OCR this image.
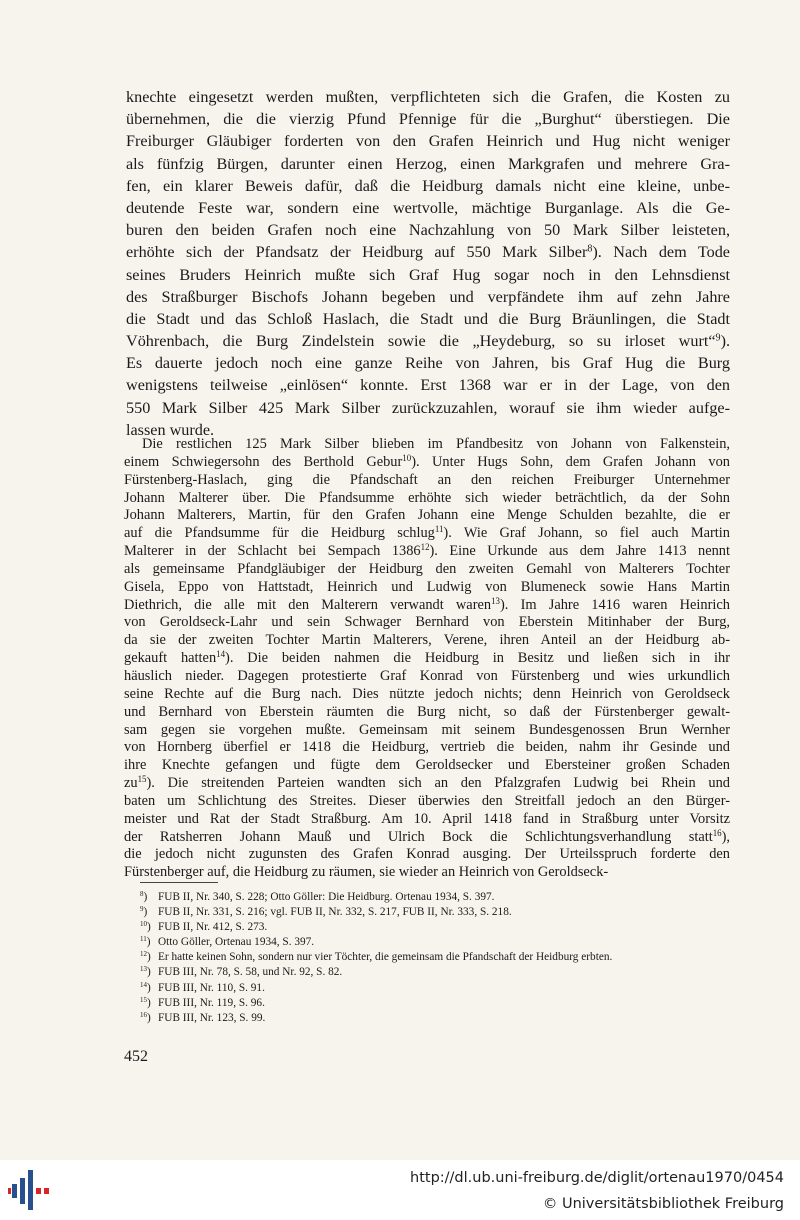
knechte eingesetzt werden mußten, verpflichteten sich die Grafen, die Kosten zu
übernehmen, die die vierzig Pfund Pfennige für die „Burghut“ überstiegen. Die
Freiburger Gläubiger forderten von den Grafen Heinrich und Hug nicht weniger
als fünfzig Bürgen, darunter einen Herzog, einen Markgrafen und mehrere Gra-
fen, ein klarer Beweis dafür, daß die Heidburg damals nicht eine kleine, unbe-
deutende Feste war, sondern eine wertvolle, mächtige Burganlage. Als die Ge-
buren den beiden Grafen noch eine Nachzahlung von 50 Mark Silber leisteten,
erhöhte sich der Pfandsatz der Heidburg auf 550 Mark Silber$^8$). Nach dem Tode
seines Bruders Heinrich mußte sich Graf Hug sogar noch in den Lehnsdienst
des Straßburger Bischofs Johann begeben und verpfändete ihm auf zehn Jahre
die Stadt und das Schloß Haslach, die Stadt und die Burg Bräunlingen, die Stadt
Vöhrenbach, die Burg Zindelstein sowie die „Heydeburg, so su irloset wurt“$^9$).
Es dauerte jedoch noch eine ganze Reihe von Jahren, bis Graf Hug die Burg
wenigstens teilweise „einlösen“ konnte. Erst 1368 war er in der Lage, von den
550 Mark Silber 425 Mark Silber zurückzuzahlen, worauf sie ihm wieder aufge-
lassen wurde.
Die restlichen 125 Mark Silber blieben im Pfandbesitz von Johann von Falkenstein,
einem Schwiegersohn des Berthold Gebur$^{10}$). Unter Hugs Sohn, dem Grafen Johann von
Fürstenberg-Haslach, ging die Pfandschaft an den reichen Freiburger Unternehmer
Johann Malterer über. Die Pfandsumme erhöhte sich wieder beträchtlich, da der Sohn
Johann Malterers, Martin, für den Grafen Johann eine Menge Schulden bezahlte, die er
auf die Pfandsumme für die Heidburg schlug$^{11}$). Wie Graf Johann, so fiel auch Martin
Malterer in der Schlacht bei Sempach 1386$^{12}$). Eine Urkunde aus dem Jahre 1413 nennt
als gemeinsame Pfandgläubiger der Heidburg den zweiten Gemahl von Malterers Tochter
Gisela, Eppo von Hattstadt, Heinrich und Ludwig von Blumeneck sowie Hans Martin
Diethrich, die alle mit den Malterern verwandt waren$^{13}$). Im Jahre 1416 waren Heinrich
von Geroldseck-Lahr und sein Schwager Bernhard von Eberstein Mitinhaber der Burg,
da sie der zweiten Tochter Martin Malterers, Verene, ihren Anteil an der Heidburg ab-
gekauft hatten$^{14}$). Die beiden nahmen die Heidburg in Besitz und ließen sich in ihr
häuslich nieder. Dagegen protestierte Graf Konrad von Fürstenberg und wies urkundlich
seine Rechte auf die Burg nach. Dies nützte jedoch nichts; denn Heinrich von Geroldseck
und Bernhard von Eberstein räumten die Burg nicht, so daß der Fürstenberger gewalt-
sam gegen sie vorgehen mußte. Gemeinsam mit seinem Bundesgenossen Brun Wernher
von Hornberg überfiel er 1418 die Heidburg, vertrieb die beiden, nahm ihr Gesinde und
ihre Knechte gefangen und fügte dem Geroldsecker und Ebersteiner großen Schaden
$zu^{15}$). Die streitenden Parteien wandten sich an den Pfalzgrafen Ludwig bei Rhein und
baten um Schlichtung des Streites. Dieser überwies den Streitfall jedoch an den Bürger-
meister und Rat der Stadt Straßburg. Am 10. April 1418 fand in Straßburg unter Vorsitz
der Ratsherren Johann Mauß und Ulrich Bock die Schlichtungsverhandlung statt$^{16}$),
die jedoch nicht zugunsten des Grafen Konrad ausging. Der Urteilsspruch forderte den
Fürstenberger auf, die Heidburg zu räumen, sie wieder an Heinrich von Geroldseck-
$^8$) FUB II, Nr. 340, S. 228; Otto Göller: Die Heidburg. Ortenau 1934, S. 397.
$^9$) FUB II, Nr. 331, S. 216; vgl. FUB II, Nr. 332, S. 217, FUB II, Nr. 333, S. 218.
$^{10}$) FUB II, Nr. 412, S. 273.
$^{11}$) Otto Göller, Ortenau 1934, S. 397.
$^{12}$) Er hatte keinen Sohn, sondern nur vier Töchter, die gemeinsam die Pfandschaft der Heidburg erbten.
$^{13}$) FUB III, Nr. 78, S. 58, und Nr. 92, S. 82.
$^{14}$) FUB III, Nr. 110, S. 91.
$^{15}$) FUB III, Nr. 119, S. 96.
$^{16}$) FUB III, Nr. 123, S. 99.
452
http://dl.ub.uni-freiburg.de/diglit/ortenau1970/0454
© Universitätsbibliothek Freiburg
